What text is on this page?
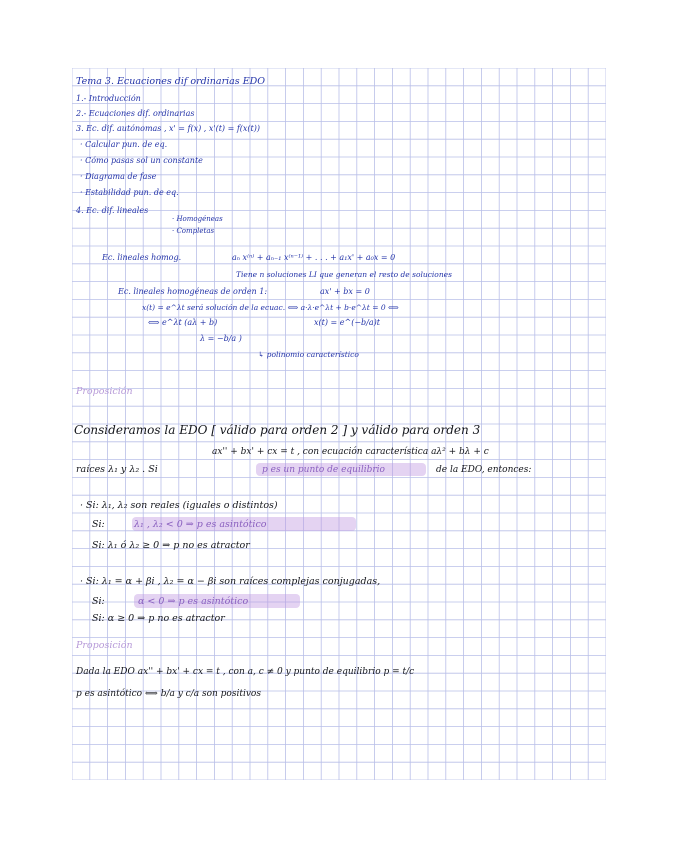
Tema 3. Ecuaciones dif ordinarias EDO
1.- Introducción
2.- Ecuaciones dif. ordinarias
3. Ec. dif. autónomas , x' = f(x) , x'(t) = f(x(t))
· Calcular pun. de eq.
· Cómo pasas sol un constante
· Diagrama de fase
· Estabilidad pun. de eq.
4. Ec. dif. lineales
· Homogéneas
· Completas
Ec. lineales homog.	aₙ x⁽ⁿ⁾ + aₙ₋₁ x⁽ⁿ⁻¹⁾ + . . . + a₁x' + a₀x = 0
Tiene n soluciones LI que generan el resto de soluciones
Ec. lineales homogéneas de orden 1:	ax' + bx = 0
x(t) = e^λt será solución de la ecuac. ⟺ a·λ·e^λt + b·e^λt = 0 ⟺
⟺ e^λt (aλ + b)	x(t) = e^(−b/a)t
λ = −b/a )
↳ polinomio característico
Proposición
Consideramos la EDO [ válido para orden 2 ] y válido para orden 3
ax'' + bx' + cx = t , con ecuación característica aλ² + bλ + c
raíces λ₁ y λ₂ . Si	p es un punto de equilibrio	de la EDO, entonces:
· Si: λ₁, λ₂ son reales (iguales o distintos)
Si:	λ₁ , λ₂ < 0 ⇒ p es asintótico
Si: λ₁ ó λ₂ ≥ 0 ⇒ p no es atractor
· Si: λ₁ = α + βi , λ₂ = α − βi son raíces complejas conjugadas,
Si:	α < 0 ⇒ p es asintótico
Si: α ≥ 0 ⇒ p no es atractor
Proposición
Dada la EDO ax'' + bx' + cx = t , con a, c ≠ 0 y punto de equilibrio p = t/c
p es asintótico ⟺ b/a y c/a son positivos
